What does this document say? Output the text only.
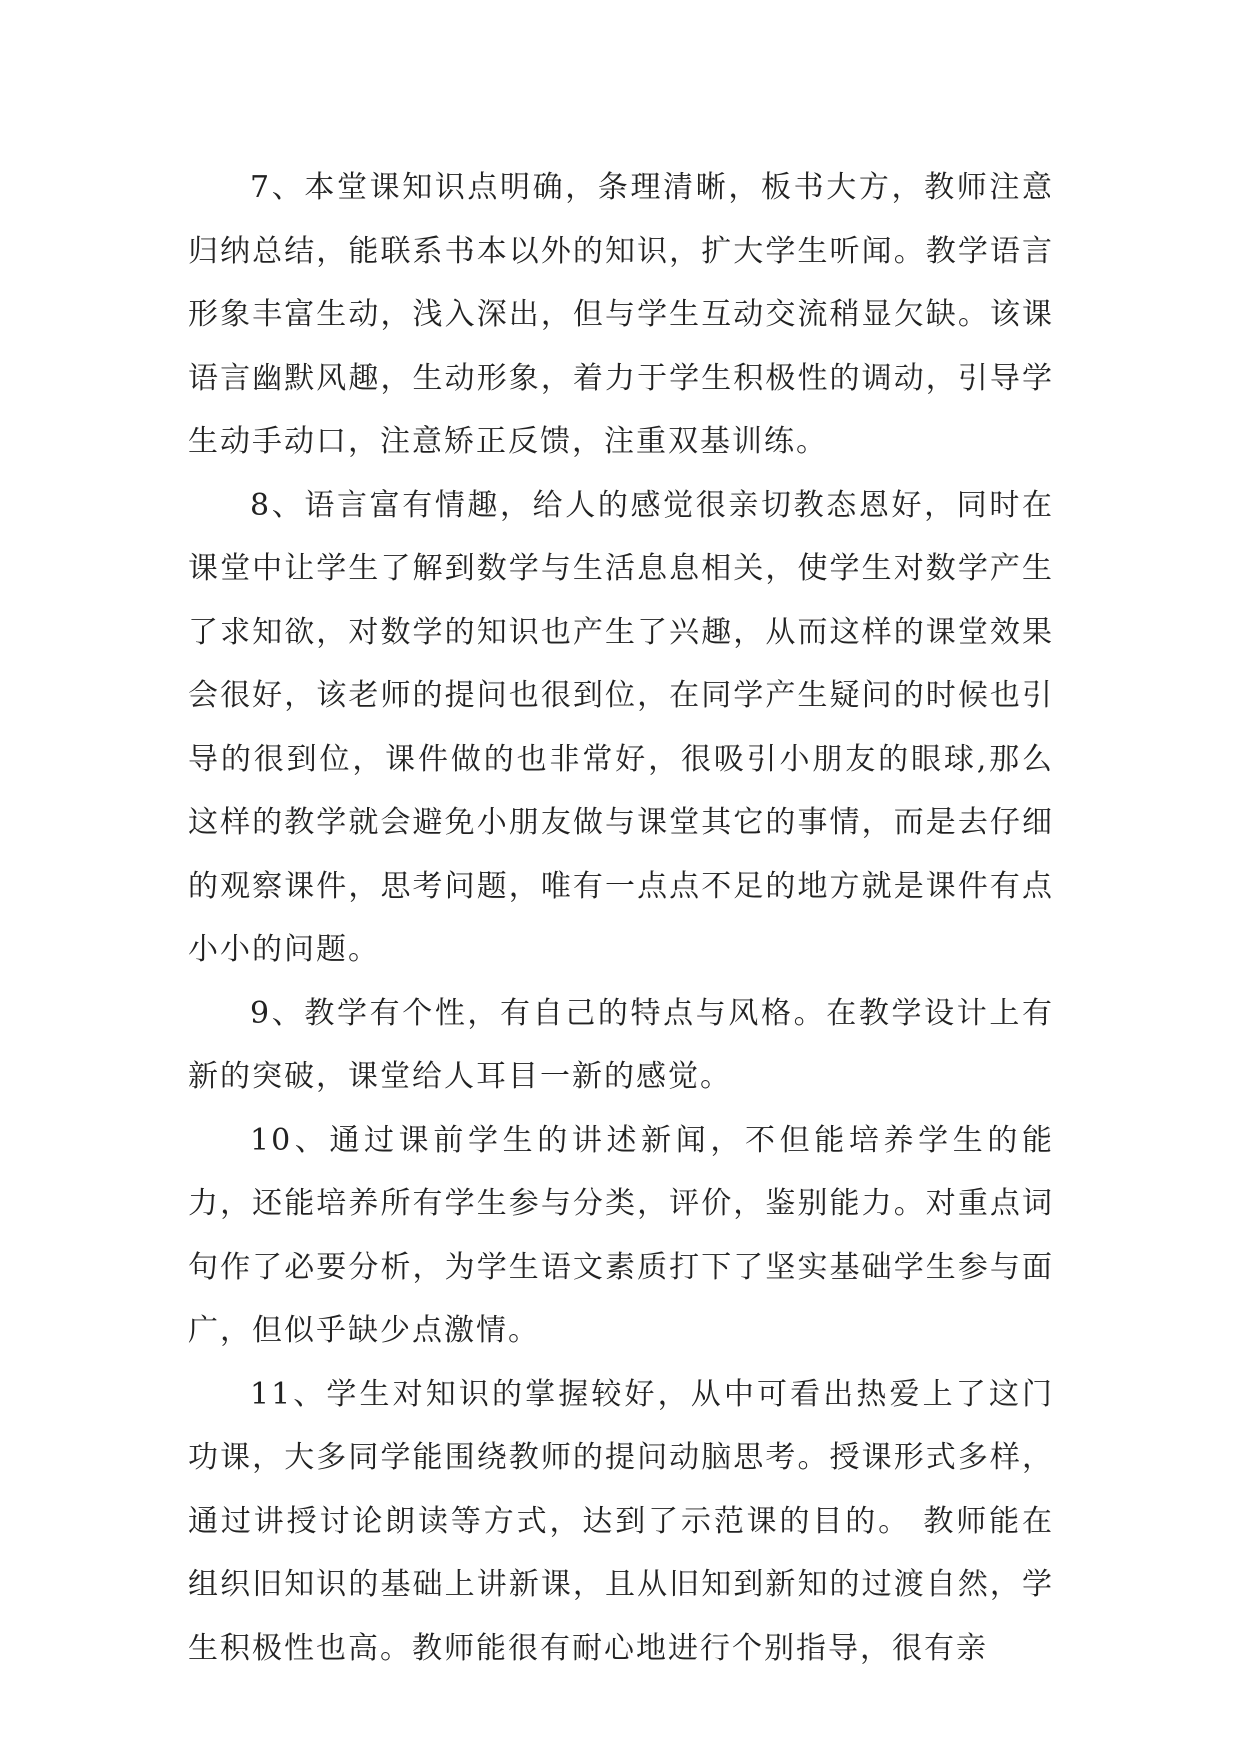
7、本堂课知识点明确，条理清晰，板书大方，教师注意归纳总结，能联系书本以外的知识，扩大学生听闻。教学语言形象丰富生动，浅入深出，但与学生互动交流稍显欠缺。该课语言幽默风趣，生动形象，着力于学生积极性的调动，引导学生动手动口，注意矫正反馈，注重双基训练。

8、语言富有情趣，给人的感觉很亲切教态恩好，同时在课堂中让学生了解到数学与生活息息相关，使学生对数学产生了求知欲，对数学的知识也产生了兴趣，从而这样的课堂效果会很好，该老师的提问也很到位，在同学产生疑问的时候也引导的很到位，课件做的也非常好，很吸引小朋友的眼球,那么这样的教学就会避免小朋友做与课堂其它的事情，而是去仔细的观察课件，思考问题，唯有一点点不足的地方就是课件有点小小的问题。

9、教学有个性，有自己的特点与风格。在教学设计上有新的突破，课堂给人耳目一新的感觉。

10、通过课前学生的讲述新闻，不但能培养学生的能力，还能培养所有学生参与分类，评价，鉴别能力。对重点词句作了必要分析，为学生语文素质打下了坚实基础学生参与面广，但似乎缺少点激情。

11、学生对知识的掌握较好，从中可看出热爱上了这门功课，大多同学能围绕教师的提问动脑思考。授课形式多样，通过讲授讨论朗读等方式，达到了示范课的目的。 教师能在组织旧知识的基础上讲新课，且从旧知到新知的过渡自然，学生积极性也高。教师能很有耐心地进行个别指导，很有亲
